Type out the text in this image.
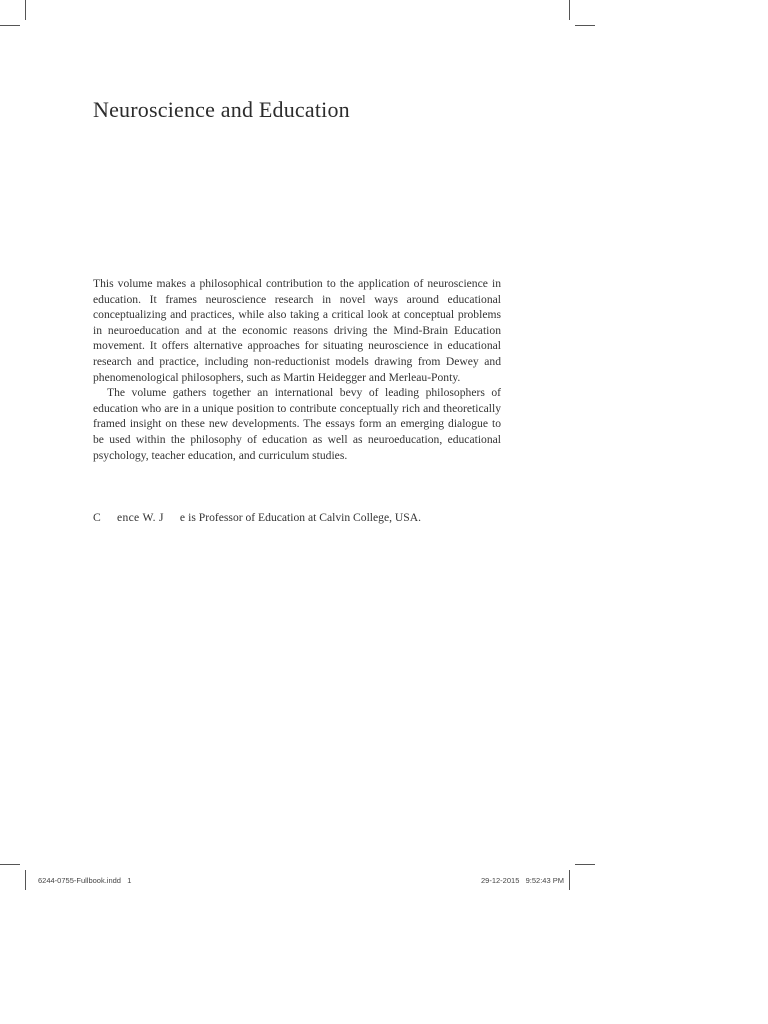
Neuroscience and Education

This volume makes a philosophical contribution to the application of neuroscience in education. It frames neuroscience research in novel ways around educational conceptualizing and practices, while also taking a critical look at conceptual problems in neuroeducation and at the economic reasons driving the Mind-Brain Education movement. It offers alternative approaches for situating neuroscience in educational research and practice, including non-reductionist models drawing from Dewey and phenomenological philosophers, such as Martin Heidegger and Merleau-Ponty.

The volume gathers together an international bevy of leading philosophers of education who are in a unique position to contribute conceptually rich and theoretically framed insight on these new developments. The essays form an emerging dialogue to be used within the philosophy of education as well as neuroeducation, educational psychology, teacher education, and curriculum studies.

C     ence W. J     e is Professor of Education at Calvin College, USA.
6244-0755-Fullbook.indd   1	29-12-2015   9:52:43 PM
